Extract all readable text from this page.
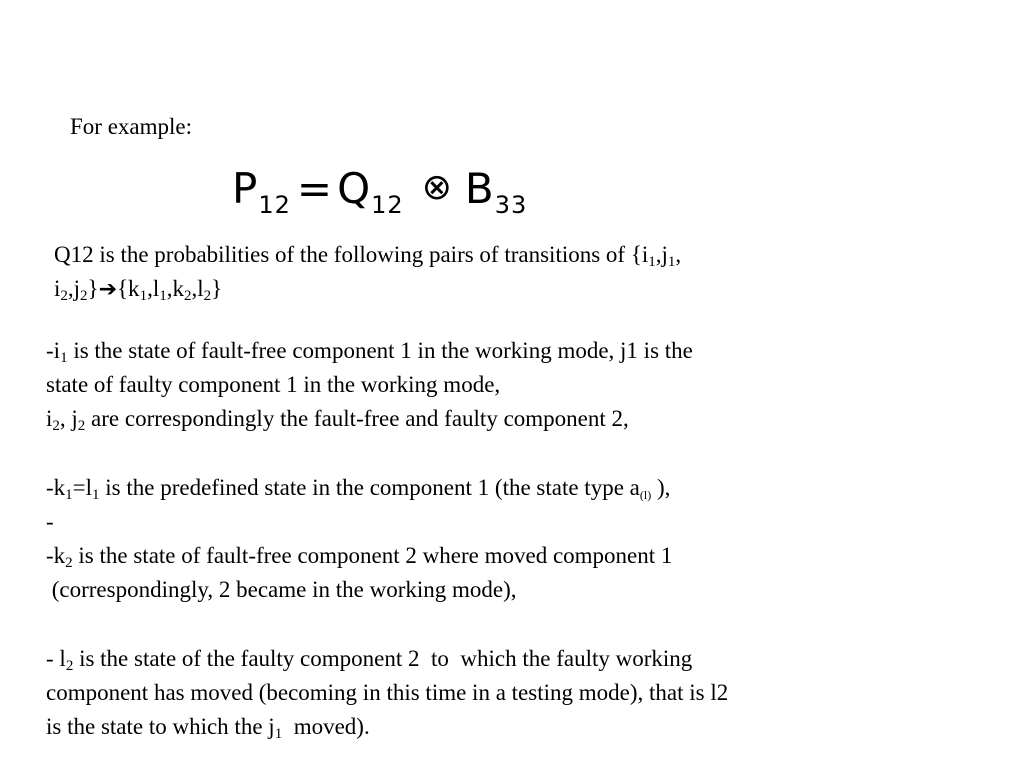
For example:
$P_{12} =Q_{12}$ ⊗ $B_{33}$
Q12 is the probabilities of the following pairs of transitions of {$i_1,j_1$,
$i_2,j_2\}➔\{k_1,l_1,k_2,l_2\}$
$-i_1$ is the state of fault-free component 1 in the working mode, j1 is the
state of faulty component 1 in the working mode,
$i_2$, $j_2$ are correspondingly the fault-free and faulty component 2,
$-k_1=l_1$ is the predefined state in the component 1 (the state type $a_{(l)}$ ),
-
$-k_2$ is the state of fault-free component 2 where moved component 1
(correspondingly, 2 became in the working mode),
- $l_2$ is the state of the faulty component 2  to  which the faulty working
component has moved (becoming in this time in a testing mode), that is l2
is the state to which the $j_1$  moved).
